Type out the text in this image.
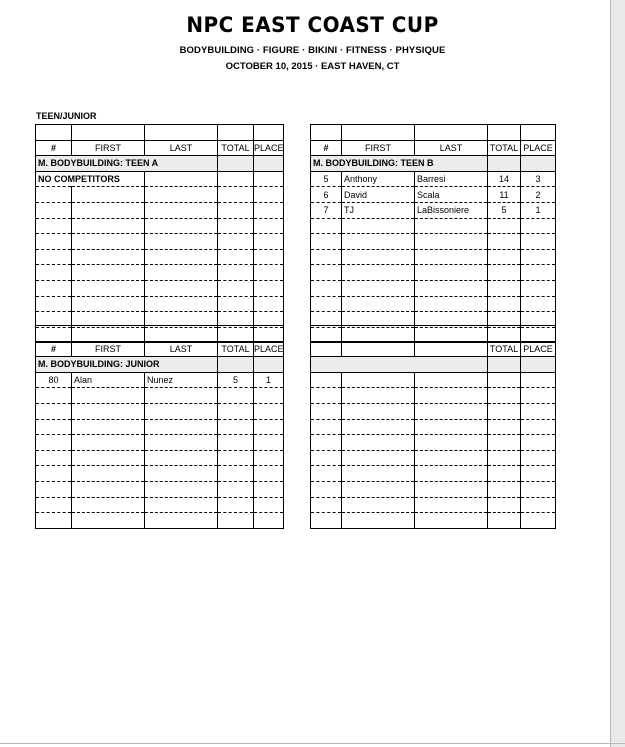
NPC EAST COAST CUP
BODYBUILDING · FIGURE · BIKINI · FITNESS · PHYSIQUE
OCTOBER 10, 2015 · EAST HAVEN, CT
TEEN/JUNIOR

#	FIRST	LAST	TOTAL	PLACE
M. BODYBUILDING: TEEN A				
NO COMPETITORS				

#	FIRST	LAST	TOTAL	PLACE
M. BODYBUILDING: TEEN B				
5	Anthony	Barresi	14	3
6	David	Scala	11	2
7	TJ	LaBissoniere	5	1

#	FIRST	LAST	TOTAL	PLACE
M. BODYBUILDING: JUNIOR				
80	Alan	Nunez	5	1

			TOTAL	PLACE
